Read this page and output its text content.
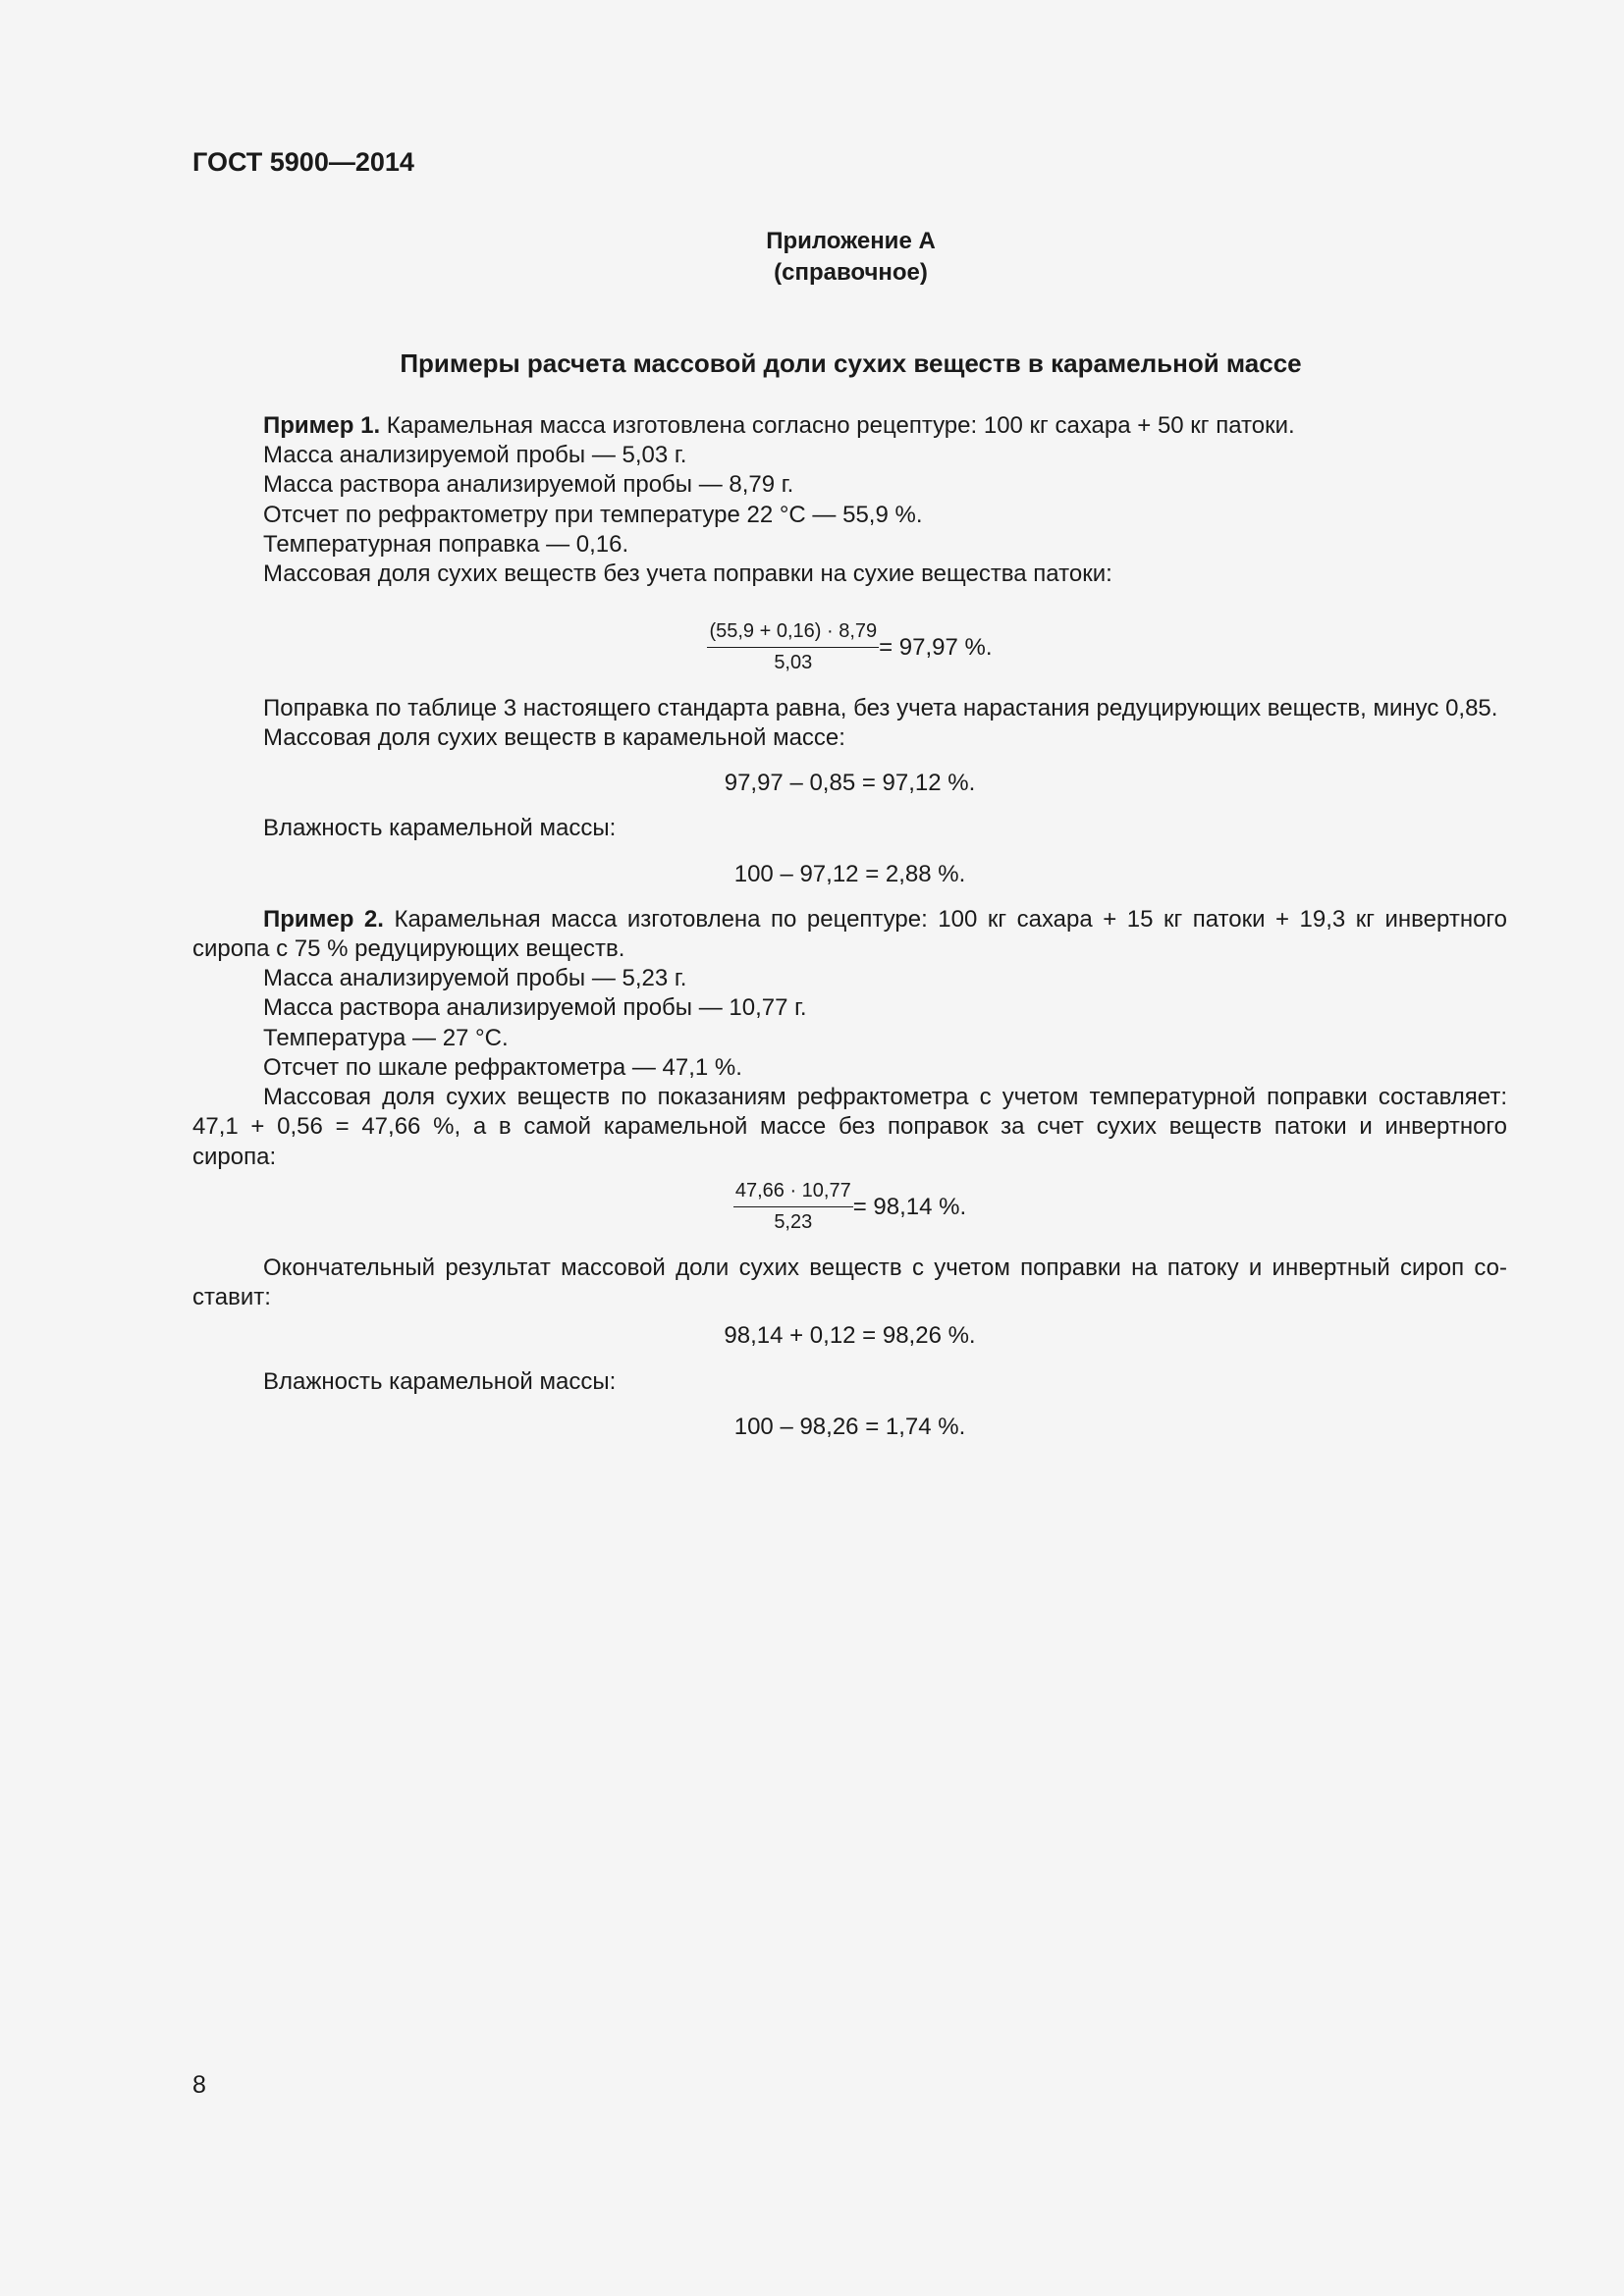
ГОСТ 5900—2014
Приложение А
(справочное)
Примеры расчета массовой доли сухих веществ в карамельной массе
Пример 1. Карамельная масса изготовлена согласно рецептуре: 100 кг сахара + 50 кг патоки.
Масса анализируемой пробы — 5,03 г.
Масса раствора анализируемой пробы — 8,79 г.
Отсчет по рефрактометру при температуре 22 °С — 55,9 %.
Температурная поправка — 0,16.
Массовая доля сухих веществ без учета поправки на сухие вещества патоки:
$\frac{(55,9 + 0,16) \cdot 8,79}{5,03} = 97,97$ %.
Поправка по таблице 3 настоящего стандарта равна, без учета нарастания редуцирующих веществ, минус 0,85.
Массовая доля сухих веществ в карамельной массе:
97,97 – 0,85 = 97,12 %.
Влажность карамельной массы:
100 – 97,12 = 2,88 %.
Пример 2. Карамельная масса изготовлена по рецептуре: 100 кг сахара + 15 кг патоки + 19,3 кг инвертного
сиропа с 75 % редуцирующих веществ.
Масса анализируемой пробы — 5,23 г.
Масса раствора анализируемой пробы — 10,77 г.
Температура — 27 °С.
Отсчет по шкале рефрактометра — 47,1 %.
Массовая доля сухих веществ по показаниям рефрактометра с учетом температурной поправки составляет:
47,1 + 0,56 = 47,66 %, а в самой карамельной массе без поправок за счет сухих веществ патоки и инвертного
сиропа:
$\frac{47,66 \cdot 10,77}{5,23} = 98,14$ %.
Окончательный результат массовой доли сухих веществ с учетом поправки на патоку и инвертный сироп со-
ставит:
98,14 + 0,12 = 98,26 %.
Влажность карамельной массы:
100 – 98,26 = 1,74 %.
8
